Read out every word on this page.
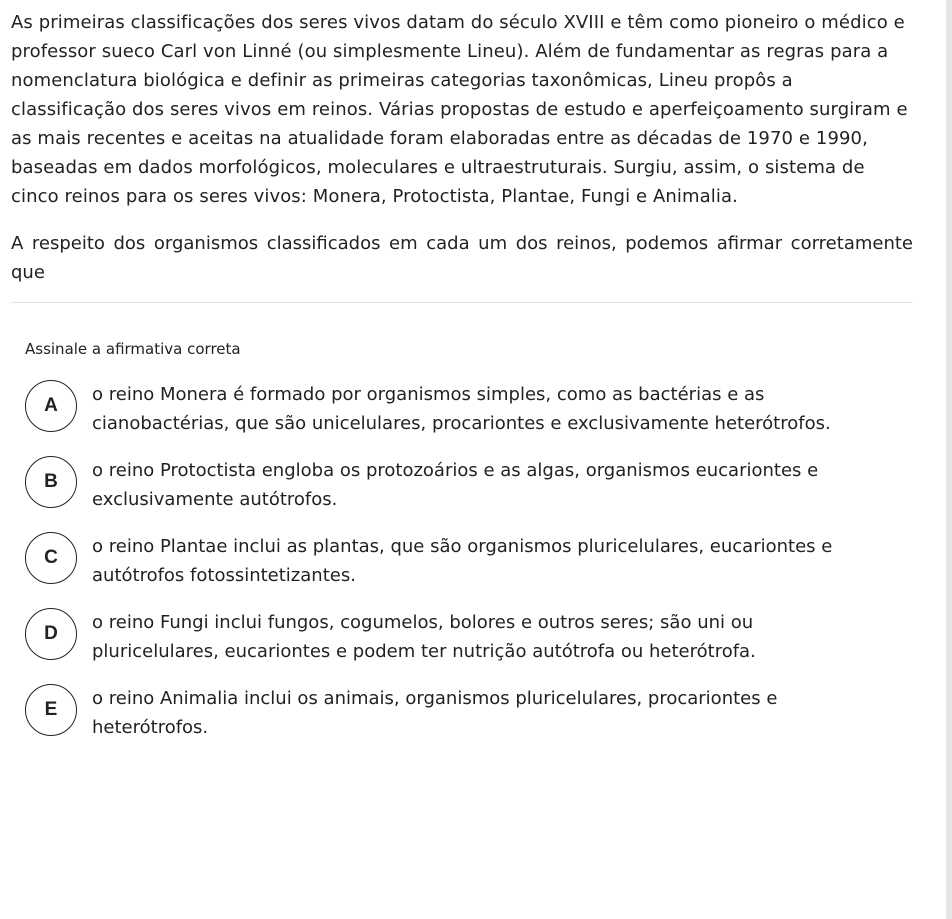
As primeiras classificações dos seres vivos datam do século XVIII e têm como pioneiro o médico e professor sueco Carl von Linné (ou simplesmente Lineu). Além de fundamentar as regras para a nomenclatura biológica e definir as primeiras categorias taxonômicas, Lineu propôs a classificação dos seres vivos em reinos. Várias propostas de estudo e aperfeiçoamento surgiram e as mais recentes e aceitas na atualidade foram elaboradas entre as décadas de 1970 e 1990, baseadas em dados morfológicos, moleculares e ultraestruturais. Surgiu, assim, o sistema de cinco reinos para os seres vivos: Monera, Protoctista, Plantae, Fungi e Animalia.

A respeito dos organismos classificados em cada um dos reinos, podemos afirmar corretamente que

Assinale a afirmativa correta
A
o reino Monera é formado por organismos simples, como as bactérias e as cianobactérias, que são unicelulares, procariontes e exclusivamente heterótrofos.
B
o reino Protoctista engloba os protozoários e as algas, organismos eucariontes e exclusivamente autótrofos.
C
o reino Plantae inclui as plantas, que são organismos pluricelulares, eucariontes e autótrofos fotossintetizantes.
D
o reino Fungi inclui fungos, cogumelos, bolores e outros seres; são uni ou pluricelulares, eucariontes e podem ter nutrição autótrofa ou heterótrofa.
E
o reino Animalia inclui os animais, organismos pluricelulares, procariontes e heterótrofos.
